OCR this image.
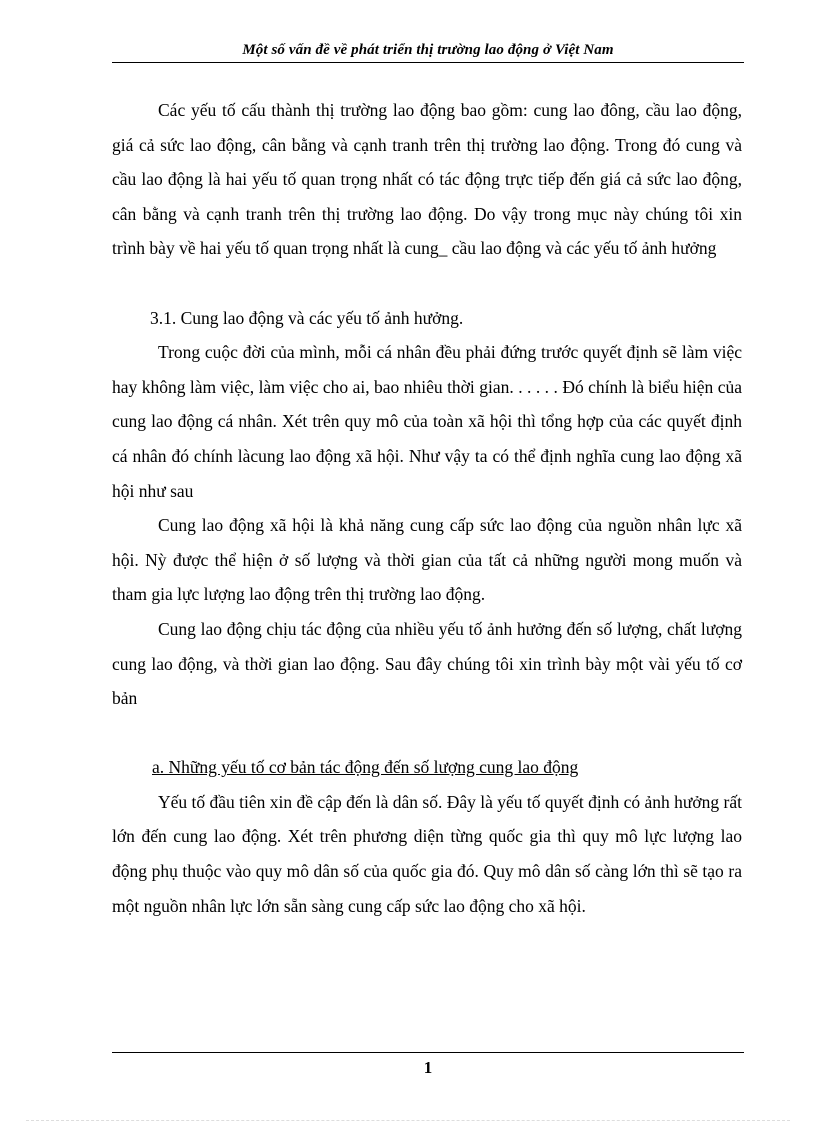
Một số vấn đề về phát triển thị trường lao động ở Việt Nam

Các yếu tố cấu thành thị trường lao động bao gồm: cung lao đông, cầu lao động, giá cả sức lao động, cân bằng và cạnh tranh trên thị trường lao động. Trong đó cung và cầu lao động là hai yếu tố quan trọng nhất có tác động trực tiếp đến giá cả sức lao động, cân bằng và cạnh tranh trên thị trường lao động. Do vậy trong mục này chúng tôi xin trình bày về hai yếu tố quan trọng nhất là cung_ cầu lao động và các yếu tố ảnh hưởng

3.1. Cung lao động và các yếu tố ảnh hưởng.

Trong cuộc đời của mình, mỗi cá nhân đều phải đứng trước quyết định sẽ làm việc hay không làm việc, làm việc cho ai, bao nhiêu thời gian. . . . . . Đó chính là biểu hiện của cung lao động cá nhân. Xét trên quy mô của toàn xã hội thì tổng hợp của các quyết định cá nhân đó chính làcung lao động xã hội. Như vậy ta có thể định nghĩa cung lao động xã hội như sau

Cung lao động xã hội là khả năng cung cấp sức lao động của nguồn nhân lực xã hội. Nỳ được thể hiện ở số lượng và thời gian của tất cả những người mong muốn và tham gia lực lượng lao động trên thị trường lao động.

Cung lao động chịu tác động của nhiều yếu tố ảnh hưởng đến số lượng, chất lượng cung lao động, và thời gian lao động. Sau đây chúng tôi xin trình bày một vài yếu tố cơ bản

a. Những yếu tố cơ bản tác động đến số lượng cung lao động

Yếu tố đầu tiên xin đề cập đến là dân số. Đây là yếu tố quyết định có ảnh hưởng rất lớn đến cung lao động. Xét trên phương diện từng quốc gia thì quy mô lực lượng lao động phụ thuộc vào quy mô dân số của quốc gia đó. Quy mô dân số càng lớn thì sẽ tạo ra một nguồn nhân lực lớn sẵn sàng cung cấp sức lao động cho xã hội.

1
